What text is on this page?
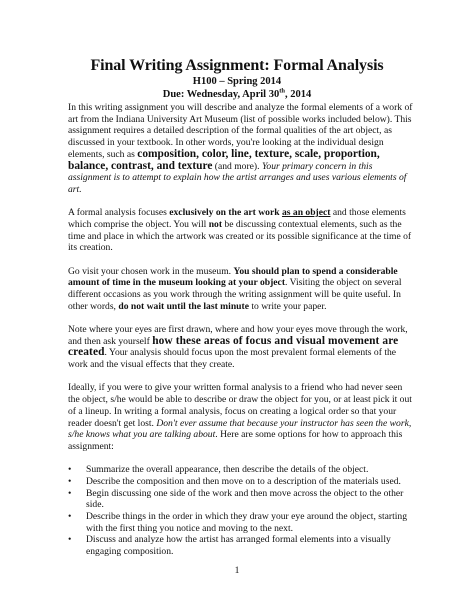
Final Writing Assignment: Formal Analysis
H100 – Spring 2014
Due: Wednesday, April 30th, 2014

In this writing assignment you will describe and analyze the formal elements of a work of art from the Indiana University Art Museum (list of possible works included below). This assignment requires a detailed description of the formal qualities of the art object, as discussed in your textbook. In other words, you're looking at the individual design elements, such as composition, color, line, texture, scale, proportion, balance, contrast, and texture (and more). Your primary concern in this assignment is to attempt to explain how the artist arranges and uses various elements of art.

A formal analysis focuses exclusively on the art work as an object and those elements which comprise the object. You will not be discussing contextual elements, such as the time and place in which the artwork was created or its possible significance at the time of its creation.

Go visit your chosen work in the museum. You should plan to spend a considerable amount of time in the museum looking at your object. Visiting the object on several different occasions as you work through the writing assignment will be quite useful. In other words, do not wait until the last minute to write your paper.

Note where your eyes are first drawn, where and how your eyes move through the work, and then ask yourself how these areas of focus and visual movement are created. Your analysis should focus upon the most prevalent formal elements of the work and the visual effects that they create.

Ideally, if you were to give your written formal analysis to a friend who had never seen the object, s/he would be able to describe or draw the object for you, or at least pick it out of a lineup. In writing a formal analysis, focus on creating a logical order so that your reader doesn't get lost. Don't ever assume that because your instructor has seen the work, s/he knows what you are talking about. Here are some options for how to approach this assignment:

• Summarize the overall appearance, then describe the details of the object.
• Describe the composition and then move on to a description of the materials used.
• Begin discussing one side of the work and then move across the object to the other side.
• Describe things in the order in which they draw your eye around the object, starting with the first thing you notice and moving to the next.
• Discuss and analyze how the artist has arranged formal elements into a visually engaging composition.
1
